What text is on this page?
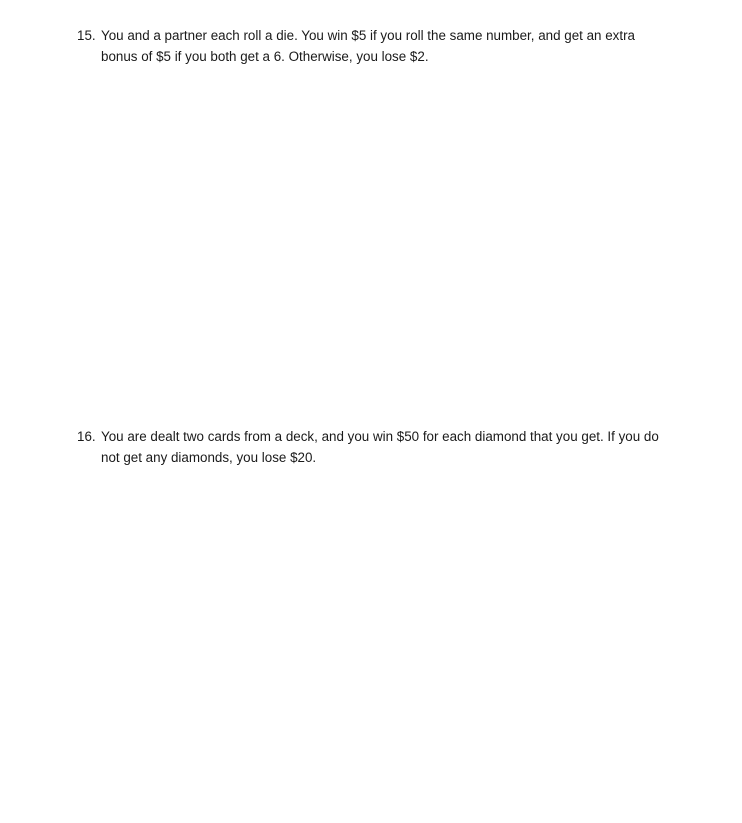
15. You and a partner each roll a die. You win $5 if you roll the same number, and get an extra
bonus of $5 if you both get a 6. Otherwise, you lose $2.
16. You are dealt two cards from a deck, and you win $50 for each diamond that you get. If you do
not get any diamonds, you lose $20.
